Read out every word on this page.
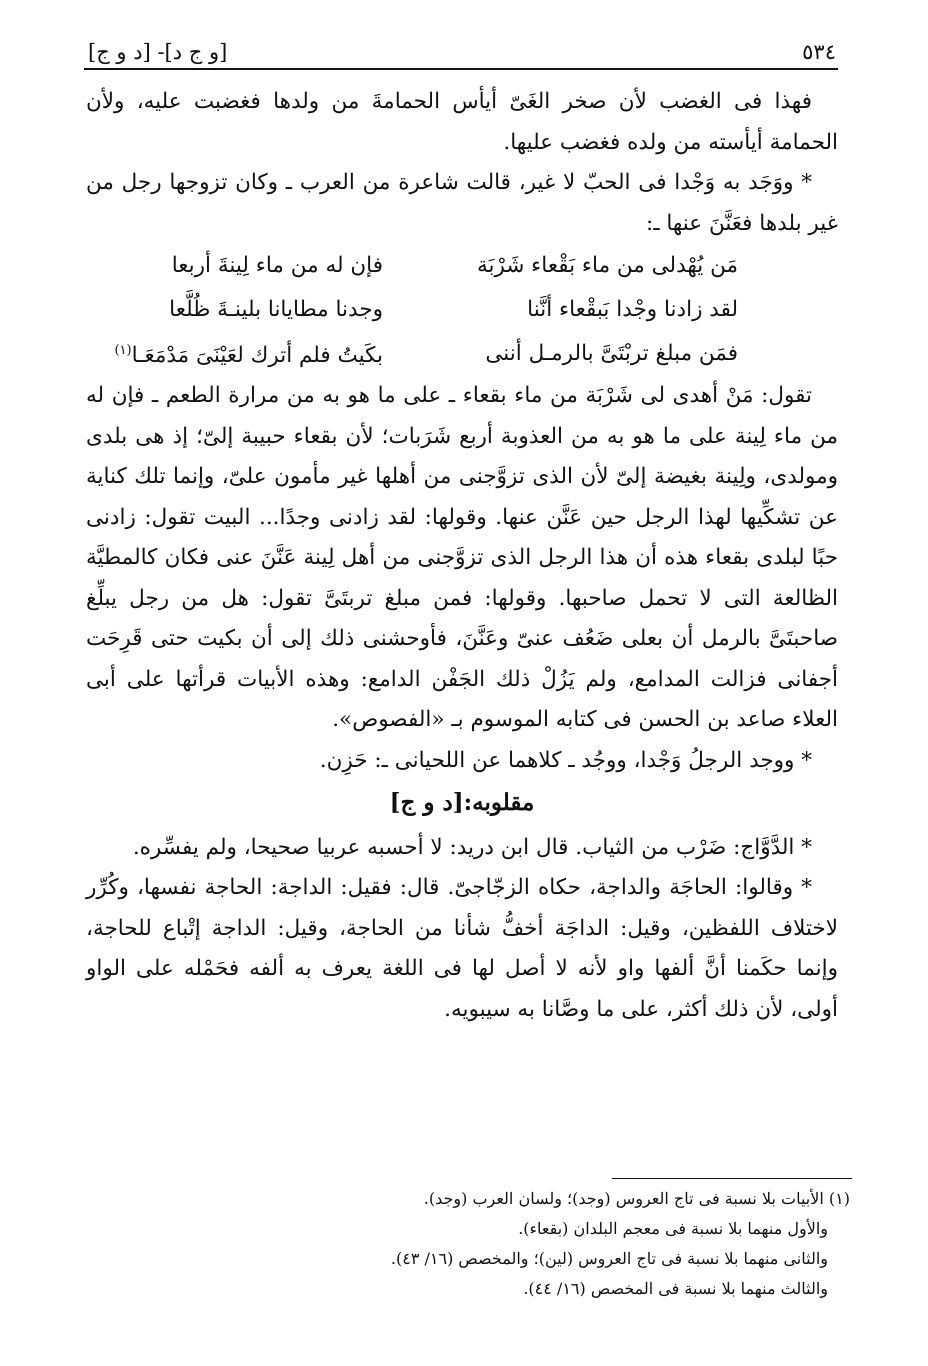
٥٣٤
[و ج د]- [د و ج]

فهذا فى الغضب لأن صخر الغَىّ أيأس الحمامةَ من ولدها فغضبت عليه، ولأن الحمامة أيأسته من ولده فغضب عليها.

* ووَجَد به وَجْدا فى الحبّ لا غير، قالت شاعرة من العرب ـ وكان تزوجها رجل من غير بلدها فعَنَّنَ عنها ـ:

مَن يُهْدلى من ماء بَقْعاء شَرْبَة
فإن له من ماء لِينةَ أربعا
لقد زادنا وجْدا بَبقْعاء أنَّنا
وجدنا مطايانا بلينـةَ ظُلَّعا
فمَن مبلغ تربْتَىَّ بالرمـل أننى
بكَيتُ فلم أترك لعَيْنَىَ مَدْمَعَـا$^{(١)}$

تقول: مَنْ أهدى لى شَرْبَة من ماء بقعاء ـ على ما هو به من مرارة الطعم ـ فإن له من ماء لِينة على ما هو به من العذوبة أربع شَرَبات؛ لأن بقعاء حبيبة إلىّ؛ إذ هى بلدى ومولدى، ولِينة بغيضة إلىّ لأن الذى تزوَّجنى من أهلها غير مأمون علىّ، وإنما تلك كناية عن تشكِّيها لهذا الرجل حين عَنَّن عنها. وقولها: لقد زادنى وجدًا... البيت تقول: زادنى حبًا لبلدى بقعاء هذه أن هذا الرجل الذى تزوَّجنى من أهل لِينة عَنَّنَ عنى فكان كالمطيَّة الظالعة التى لا تحمل صاحبها. وقولها: فمن مبلغ تربتَىَّ تقول: هل من رجل يبلِّغ صاحبتَىَّ بالرمل أن بعلى ضَعُف عنىّ وعَنَّنَ، فأوحشنى ذلك إلى أن بكيت حتى قَرِحَت أجفانى فزالت المدامع، ولم يَزُلْ ذلك الجَفْن الدامع: وهذه الأبيات قرأتها على أبى العلاء صاعد بن الحسن فى كتابه الموسوم بـ «الفصوص».

* ووجد الرجلُ وَجْدا، ووجُد ـ كلاهما عن اللحيانى ـ: حَزِن.

مقلوبه:[د و ج]

* الدَّوَّاج: ضَرْب من الثياب. قال ابن دريد: لا أحسبه عربيا صحيحا، ولم يفسِّره.

* وقالوا: الحاجَة والداجة، حكاه الزجّاجىّ. قال: فقيل: الداجة: الحاجة نفسها، وكُرِّر لاختلاف اللفظين، وقيل: الداجَة أخفُّ شأنا من الحاجة، وقيل: الداجة إتْباع للحاجة، وإنما حكَمنا أنَّ ألفها واو لأنه لا أصل لها فى اللغة يعرف به ألفه فحَمْله على الواو أولى، لأن ذلك أكثر، على ما وصَّانا به سيبويه.

(١) الأبيات بلا نسبة فى تاج العروس (وجد)؛ ولسان العرب (وجد).

والأول منهما بلا نسبة فى معجم البلدان (بقعاء).

والثانى منهما بلا نسبة فى تاج العروس (لين)؛ والمخصص (١٦/ ٤٣).

والثالث منهما بلا نسبة فى المخصص (١٦/ ٤٤).
